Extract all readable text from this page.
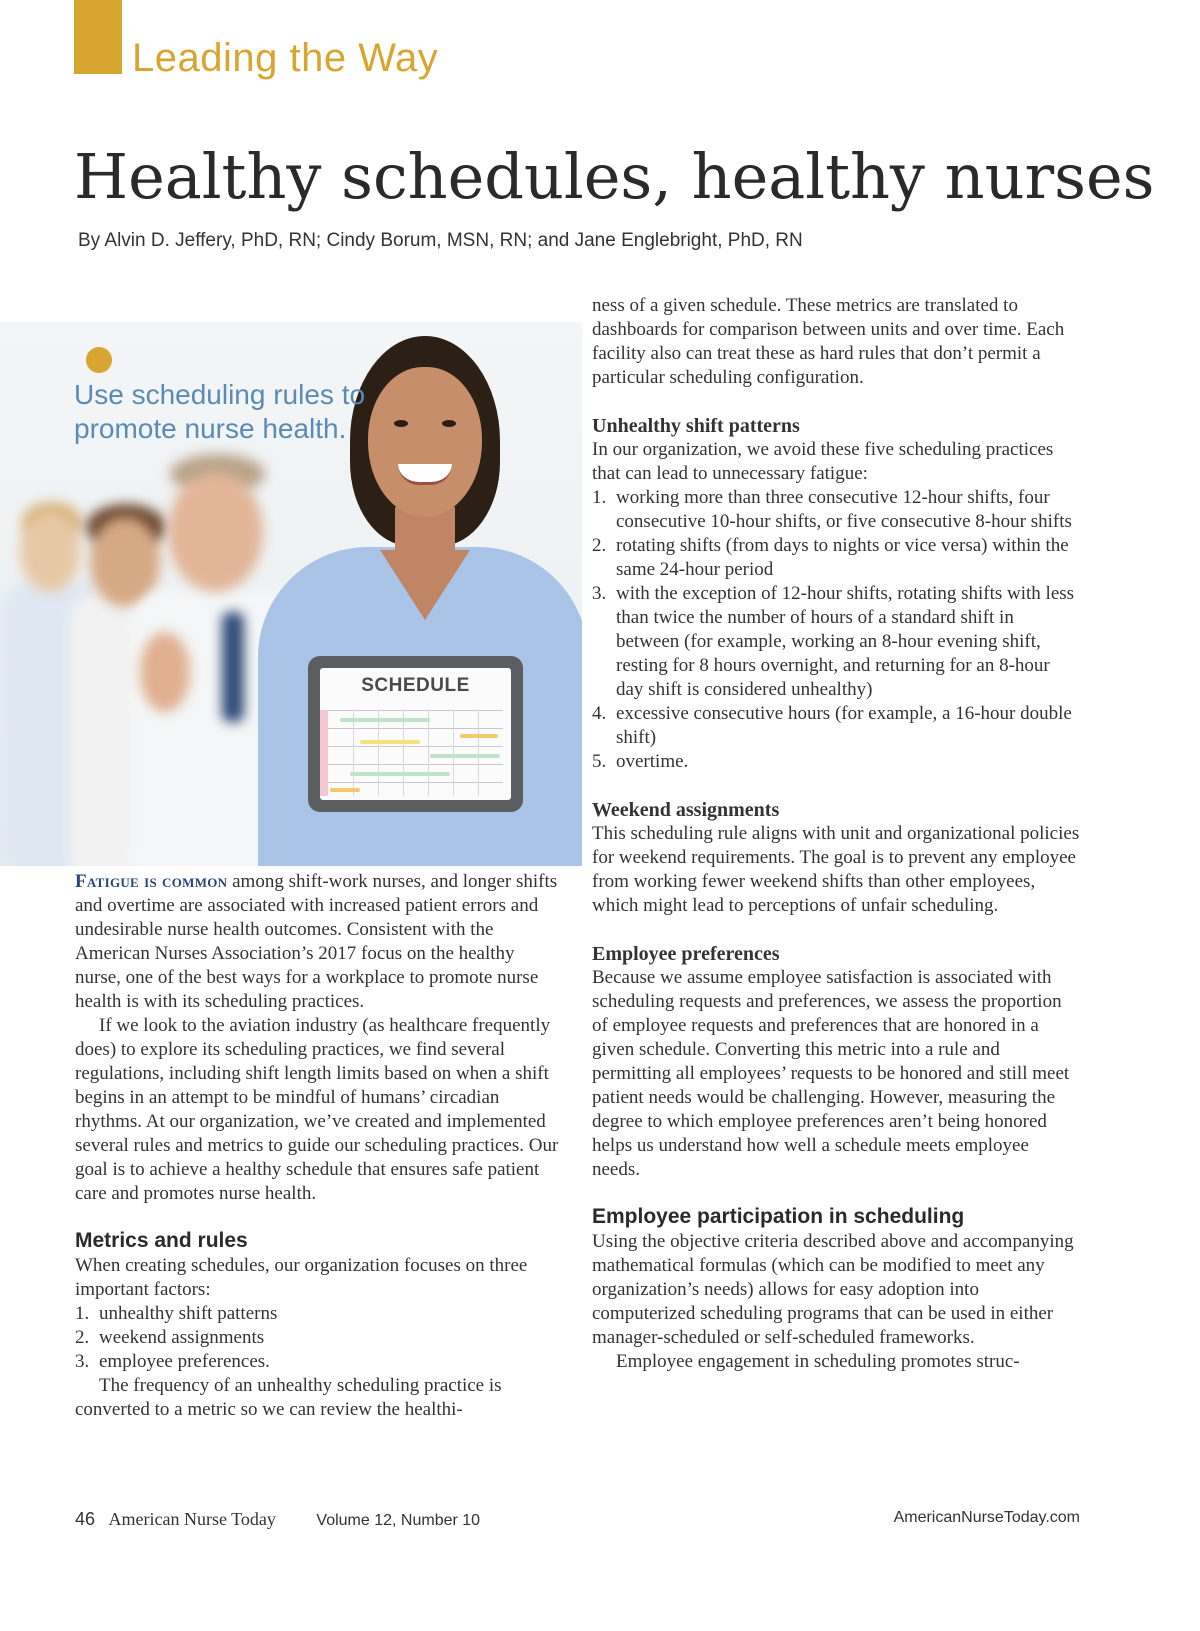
Leading the Way
Healthy schedules, healthy nurses
By Alvin D. Jeffery, PhD, RN; Cindy Borum, MSN, RN; and Jane Englebright, PhD, RN
SCHEDULE
Use scheduling rules to promote nurse health.

Fatigue is common among shift-work nurses, and longer shifts and overtime are associated with increased patient errors and undesirable nurse health outcomes. Consistent with the American Nurses Association’s 2017 focus on the healthy nurse, one of the best ways for a workplace to promote nurse health is with its scheduling practices.

If we look to the aviation industry (as healthcare frequently does) to explore its scheduling practices, we find several regulations, including shift length limits based on when a shift begins in an attempt to be mindful of humans’ circadian rhythms. At our organization, we’ve created and implemented several rules and metrics to guide our scheduling practices. Our goal is to achieve a healthy schedule that ensures safe patient care and promotes nurse health.

Metrics and rules

When creating schedules, our organization focuses on three important factors:

1. unhealthy shift patterns
2. weekend assignments
3. employee preferences.

The frequency of an unhealthy scheduling practice is converted to a metric so we can review the healthi-

ness of a given schedule. These metrics are translated to dashboards for comparison between units and over time. Each facility also can treat these as hard rules that don’t permit a particular scheduling configuration.

Unhealthy shift patterns

In our organization, we avoid these five scheduling practices that can lead to unnecessary fatigue:

1. working more than three consecutive 12-hour shifts, four consecutive 10-hour shifts, or five consecutive 8-hour shifts
2. rotating shifts (from days to nights or vice versa) within the same 24-hour period
3. with the exception of 12-hour shifts, rotating shifts with less than twice the number of hours of a standard shift in between (for example, working an 8-hour evening shift, resting for 8 hours overnight, and returning for an 8-hour day shift is considered unhealthy)
4. excessive consecutive hours (for example, a 16-hour double shift)
5. overtime.
Weekend assignments

This scheduling rule aligns with unit and organizational policies for weekend requirements. The goal is to prevent any employee from working fewer weekend shifts than other employees, which might lead to perceptions of unfair scheduling.

Employee preferences

Because we assume employee satisfaction is associated with scheduling requests and preferences, we assess the proportion of employee requests and preferences that are honored in a given schedule. Converting this metric into a rule and permitting all employees’ requests to be honored and still meet patient needs would be challenging. However, measuring the degree to which employee preferences aren’t being honored helps us understand how well a schedule meets employee needs.

Employee participation in scheduling

Using the objective criteria described above and accompanying mathematical formulas (which can be modified to meet any organization’s needs) allows for easy adoption into computerized scheduling programs that can be used in either manager-scheduled or self-scheduled frameworks.

Employee engagement in scheduling promotes struc-

46 American Nurse Today	Volume 12, Number 10	AmericanNurseToday.com
